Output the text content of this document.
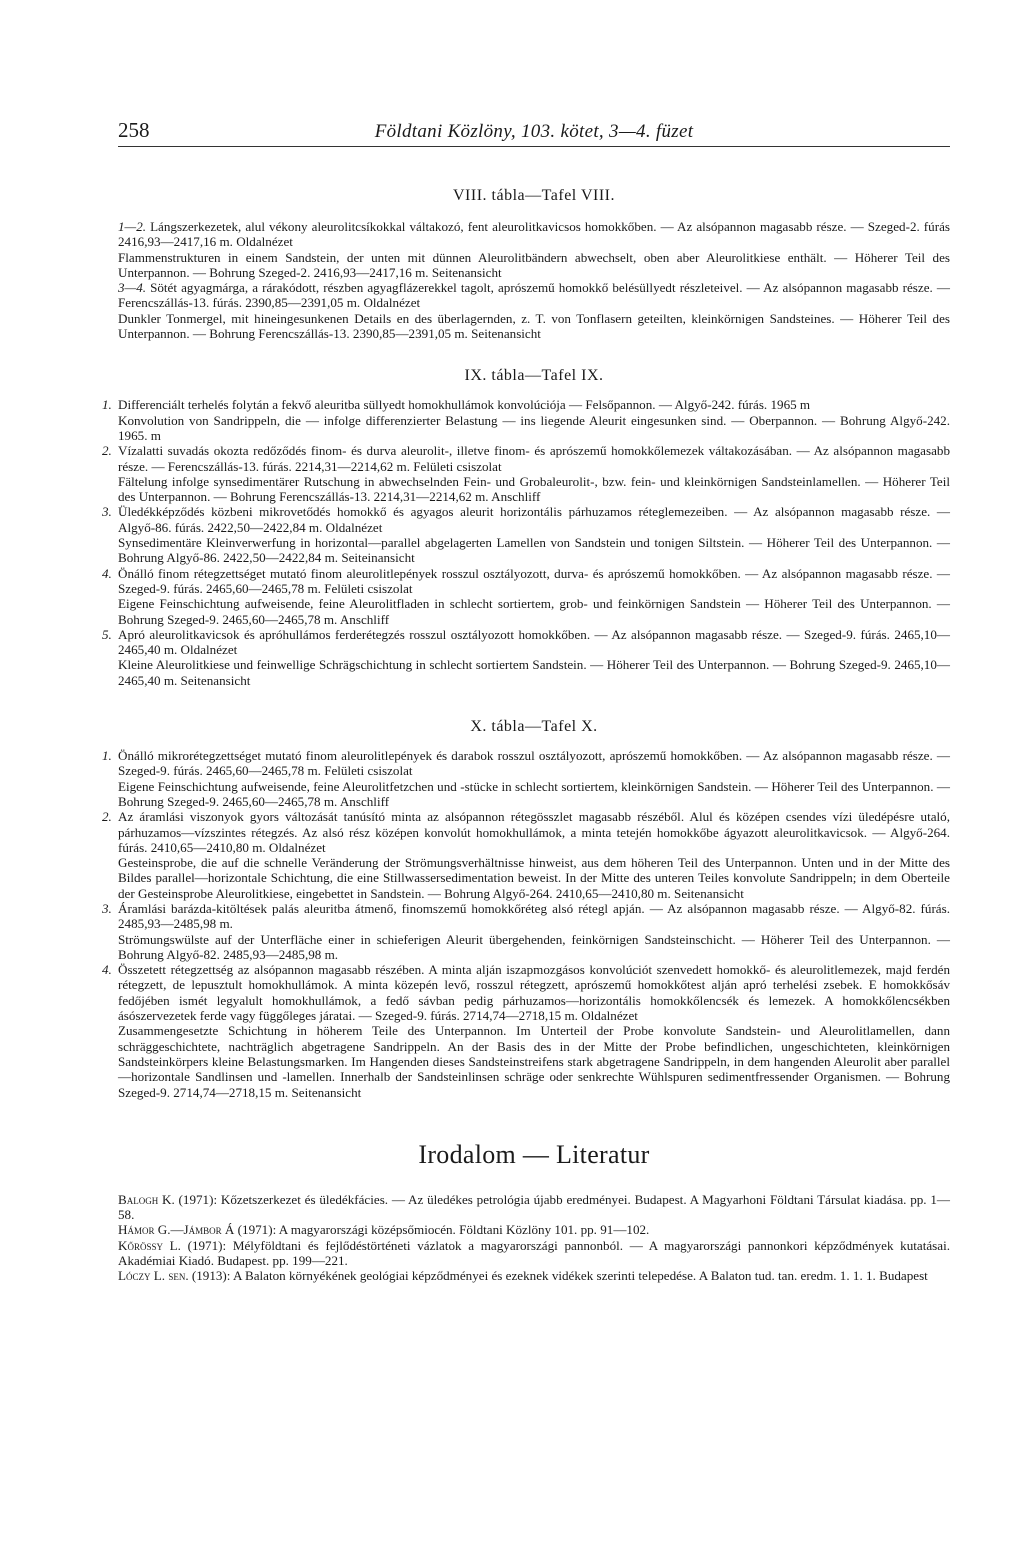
258	Földtani Közlöny, 103. kötet, 3—4. füzet
VIII. tábla—Tafel VIII.
1—2. Lángszerkezetek, alul vékony aleurolitcsíkokkal váltakozó, fent aleurolitkavicsos homokkőben. — Az alsópannon magasabb része. — Szeged-2. fúrás 2416,93—2417,16 m. Oldalnézet
Flammenstrukturen in einem Sandstein, der unten mit dünnen Aleurolitbändern abwechselt, oben aber Aleurolitkiese enthält. — Höherer Teil des Unterpannon. — Bohrung Szeged-2. 2416,93—2417,16 m. Seitenansicht
3—4. Sötét agyagmárga, a rárakódott, részben agyagflázerekkel tagolt, aprószemű homokkő belésüllyedt részleteivel. — Az alsópannon magasabb része. — Ferencszállás-13. fúrás. 2390,85—2391,05 m. Oldalnézet
Dunkler Tonmergel, mit hineingesunkenen Details en des überlagernden, z. T. von Tonflasern geteilten, kleinkörnigen Sandsteines. — Höherer Teil des Unterpannon. — Bohrung Ferencszállás-13. 2390,85—2391,05 m. Seitenansicht
IX. tábla—Tafel IX.
1. Differenciált terhelés folytán a fekvő aleuritba süllyedt homokhullámok konvolúciója — Felsőpannon. — Algyő-242. fúrás. 1965 m
Konvolution von Sandrippeln, die — infolge differenzierter Belastung — ins liegende Aleurit eingesunken sind. — Oberpannon. — Bohrung Algyő-242. 1965. m
2. Vízalatti suvadás okozta redőződés finom- és durva aleurolit-, illetve finom- és aprószemű homokkőlemezek váltakozásában. — Az alsópannon magasabb része. — Ferencszállás-13. fúrás. 2214,31—2214,62 m. Felületi csiszolat
Fältelung infolge synsedimentärer Rutschung in abwechselnden Fein- und Grobaleurolit-, bzw. fein- und kleinkörnigen Sandsteinlamellen. — Höherer Teil des Unterpannon. — Bohrung Ferencszállás-13. 2214,31—2214,62 m. Anschliff
3. Üledékképződés közbeni mikrovetődés homokkő és agyagos aleurit horizontális párhuzamos réteglemezeiben. — Az alsópannon magasabb része. — Algyő-86. fúrás. 2422,50—2422,84 m. Oldalnézet
Synsedimentäre Kleinverwerfung in horizontal—parallel abgelagerten Lamellen von Sandstein und tonigen Siltstein. — Höherer Teil des Unterpannon. — Bohrung Algyő-86. 2422,50—2422,84 m. Seiteinansicht
4. Önálló finom rétegzettséget mutató finom aleurolitlepények rosszul osztályozott, durva- és aprószemű homokkőben. — Az alsópannon magasabb része. — Szeged-9. fúrás. 2465,60—2465,78 m. Felületi csiszolat
Eigene Feinschichtung aufweisende, feine Aleurolitfladen in schlecht sortiertem, grob- und feinkörnigen Sandstein — Höherer Teil des Unterpannon. — Bohrung Szeged-9. 2465,60—2465,78 m. Anschliff
5. Apró aleurolitkavicsok és apróhullámos ferderétegzés rosszul osztályozott homokkőben. — Az alsópannon magasabb része. — Szeged-9. fúrás. 2465,10—2465,40 m. Oldalnézet
Kleine Aleurolitkiese und feinwellige Schrägschichtung in schlecht sortiertem Sandstein. — Höherer Teil des Unterpannon. — Bohrung Szeged-9. 2465,10—2465,40 m. Seitenansicht
X. tábla—Tafel X.
1. Önálló mikrorétegzettséget mutató finom aleurolitlepények és darabok rosszul osztályozott, aprószemű homokkőben. — Az alsópannon magasabb része. — Szeged-9. fúrás. 2465,60—2465,78 m. Felületi csiszolat
Eigene Feinschichtung aufweisende, feine Aleurolitfetzchen und -stücke in schlecht sortiertem, kleinkörnigen Sandstein. — Höherer Teil des Unterpannon. — Bohrung Szeged-9. 2465,60—2465,78 m. Anschliff
2. Az áramlási viszonyok gyors változását tanúsító minta az alsópannon rétegösszlet magasabb részéből. Alul és középen csendes vízi üledépésre utaló, párhuzamos—vízszintes rétegzés. Az alsó rész középen konvolút homokhullámok, a minta tetején homokkőbe ágyazott aleurolitkavicsok. — Algyő-264. fúrás. 2410,65—2410,80 m. Oldalnézet
Gesteinsprobe, die auf die schnelle Veränderung der Strömungsverhältnisse hinweist, aus dem höheren Teil des Unterpannon. Unten und in der Mitte des Bildes parallel—horizontale Schichtung, die eine Stillwassersedimentation beweist. In der Mitte des unteren Teiles konvolute Sandrippeln; in dem Oberteile der Gesteinsprobe Aleurolitkiese, eingebettet in Sandstein. — Bohrung Algyő-264. 2410,65—2410,80 m. Seitenansicht
3. Áramlási barázda-kitöltések palás aleuritba átmenő, finomszemű homokkőréteg alsó rétegl apján. — Az alsópannon magasabb része. — Algyő-82. fúrás. 2485,93—2485,98 m.
Strömungswülste auf der Unterfläche einer in schieferigen Aleurit übergehenden, feinkörnigen Sandsteinschicht. — Höherer Teil des Unterpannon. — Bohrung Algyő-82. 2485,93—2485,98 m.
4. Összetett rétegzettség az alsópannon magasabb részében. A minta alján iszapmozgásos konvolúciót szenvedett homokkő- és aleurolitlemezek, majd ferdén rétegzett, de lepusztult homokhullámok. A minta közepén levő, rosszul rétegzett, aprószemű homokkőtest alján apró terhelési zsebek. E homokkősáv fedőjében ismét legyalult homokhullámok, a fedő sávban pedig párhuzamos—horizontális homokkőlencsék és lemezek. A homokkőlencsékben ásószervezetek ferde vagy függőleges járatai. — Szeged-9. fúrás. 2714,74—2718,15 m. Oldalnézet
Zusammengesetzte Schichtung in höherem Teile des Unterpannon. Im Unterteil der Probe konvolute Sandstein- und Aleurolitlamellen, dann schräggeschichtete, nachträglich abgetragene Sandrippeln. An der Basis des in der Mitte der Probe befindlichen, ungeschichteten, kleinkörnigen Sandsteinkörpers kleine Belastungsmarken. Im Hangenden dieses Sandsteinstreifens stark abgetragene Sandrippeln, in dem hangenden Aleurolit aber parallel—horizontale Sandlinsen und -lamellen. Innerhalb der Sandsteinlinsen schräge oder senkrechte Wühlspuren sedimentfressender Organismen. — Bohrung Szeged-9. 2714,74—2718,15 m. Seitenansicht
Irodalom — Literatur
Balogh K. (1971): Kőzetszerkezet és üledékfácies. — Az üledékes petrológia újabb eredményei. Budapest. A Magyarhoni Földtani Társulat kiadása. pp. 1—58.
Hámor G.—Jámbor Á (1971): A magyarországi középsőmiocén. Földtani Közlöny 101. pp. 91—102.
Kőrössy L. (1971): Mélyföldtani és fejlődéstörténeti vázlatok a magyarországi pannonból. — A magyarországi pannonkori képződmények kutatásai. Akadémiai Kiadó. Budapest. pp. 199—221.
Lóczy L. sen. (1913): A Balaton környékének geológiai képződményei és ezeknek vidékek szerinti telepedése. A Balaton tud. tan. eredm. 1. 1. 1. Budapest
